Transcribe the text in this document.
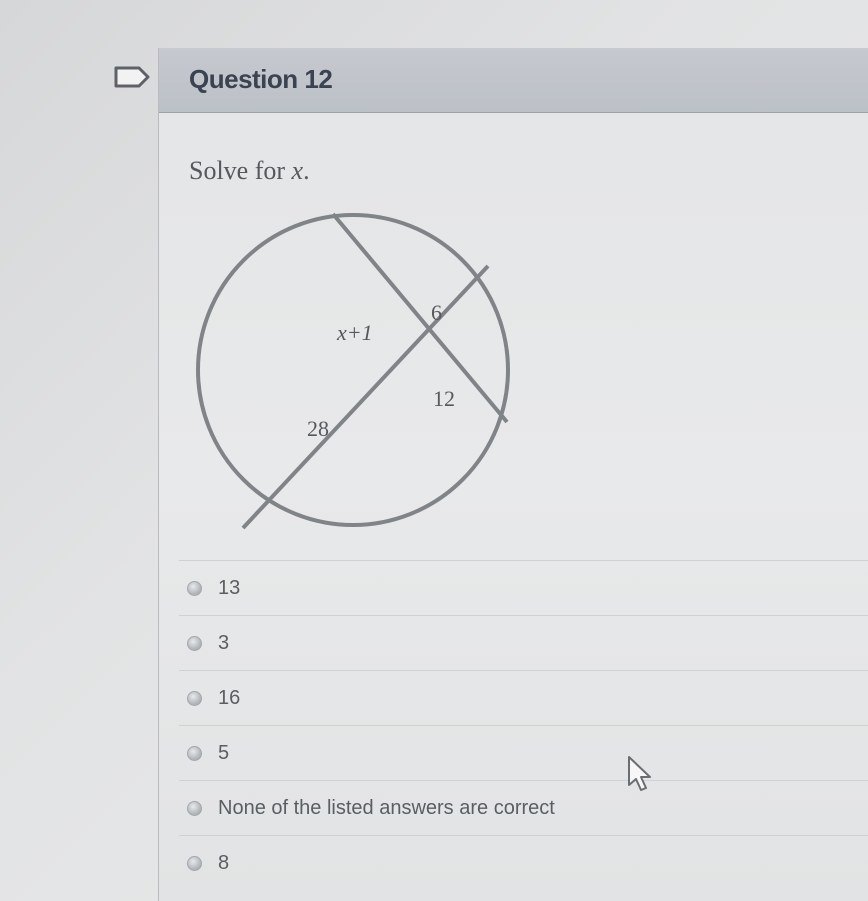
Question 12
Solve for x.
x+1
6
28
12
13
3
16
5
None of the listed answers are correct
8
